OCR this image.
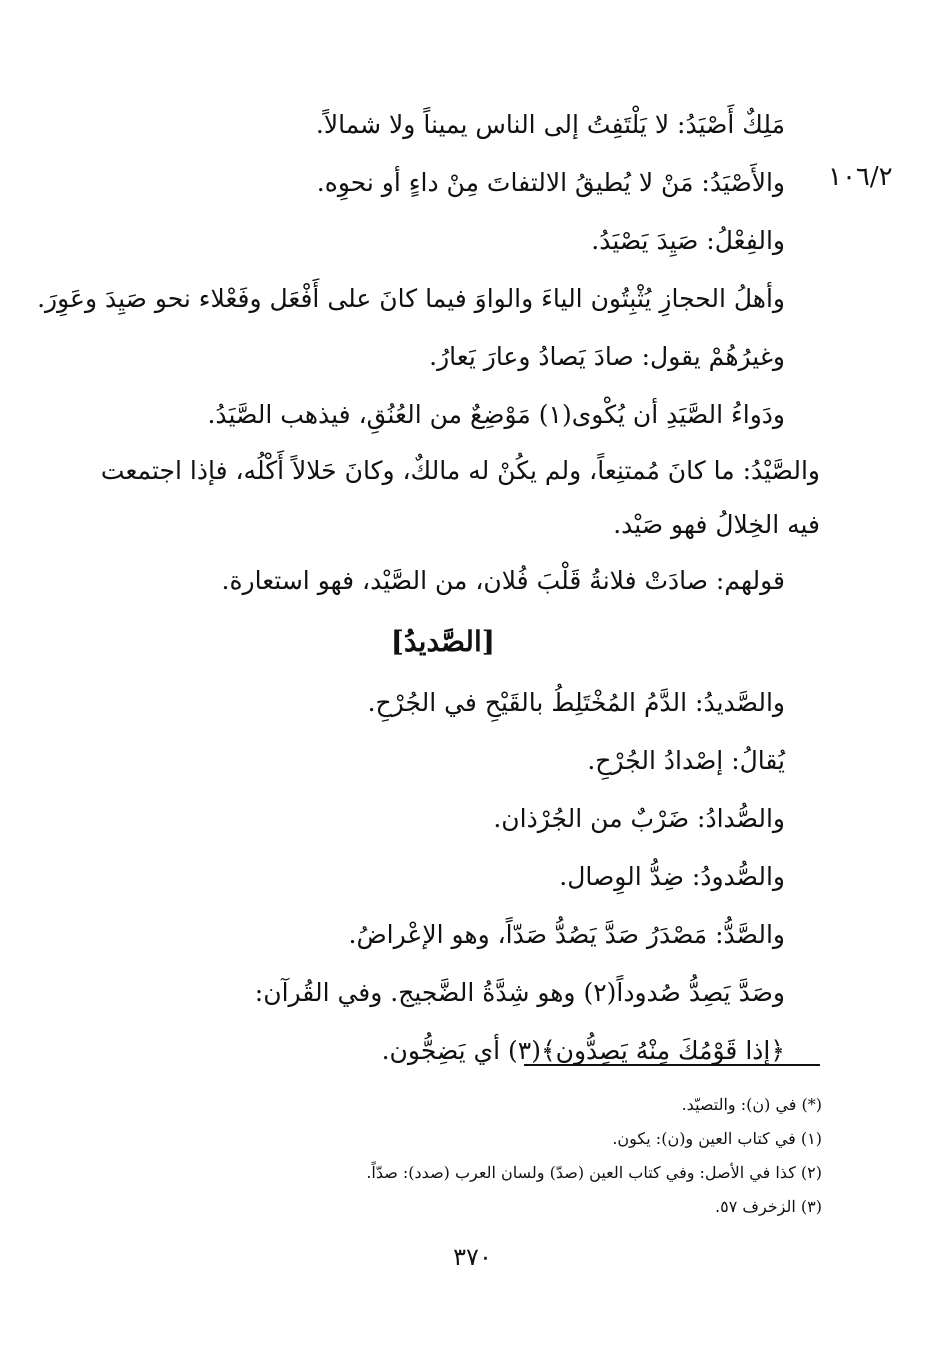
١٠٦/٢
مَلِكٌ أَصْيَدُ: لا يَلْتَفِتُ إلى الناس يميناً ولا شمالاً.
والأَصْيَدُ: مَنْ لا يُطيقُ الالتفاتَ مِنْ داءٍ أو نحوِه.
والفِعْلُ: صَيِدَ يَصْيَدُ.
وأهلُ الحجازِ يُثْبِتُون الياءَ والواوَ فيما كانَ على أَفْعَل وفَعْلاء نحو صَيِدَ وعَوِرَ.
وغيرُهُمْ يقول: صادَ يَصادُ وعارَ يَعارُ.
ودَواءُ الصَّيَدِ أن يُكْوى(١) مَوْضِعٌ من العُنُقِ، فيذهب الصَّيَدُ.
والصَّيْدُ: ما كانَ مُمتنِعاً، ولم يكُنْ له مالكٌ، وكانَ حَلالاً أَكْلُه، فإذا اجتمعت فيه الخِلالُ فهو صَيْد.
قولهم: صادَتْ فلانةُ قَلْبَ فُلان، من الصَّيْد، فهو استعارة.
[الصَّديدُ]
والصَّديدُ: الدَّمُ المُخْتَلِطُ بالقَيْحِ في الجُرْحِ.
يُقالُ: إصْدادُ الجُرْحِ.
والصُّدادُ: ضَرْبٌ من الجُرْذان.
والصُّدودُ: ضِدُّ الوِصال.
والصَّدُّ: مَصْدَرُ صَدَّ يَصُدُّ صَدّاً، وهو الإعْراضُ.
وصَدَّ يَصِدُّ صُدوداً(٢) وهو شِدَّةُ الضَّجيج. وفي القُرآن:
﴿إذا قَوْمُكَ مِنْهُ يَصِدُّون﴾(٣) أي يَضِجُّون.
(*) في (ن): والتصيّد.
(١) في كتاب العين و(ن): يكون.
(٢) كذا في الأصل: وفي كتاب العين (صدّ) ولسان العرب (صدد): صدّاً.
(٣) الزخرف ٥٧.
٣٧٠
